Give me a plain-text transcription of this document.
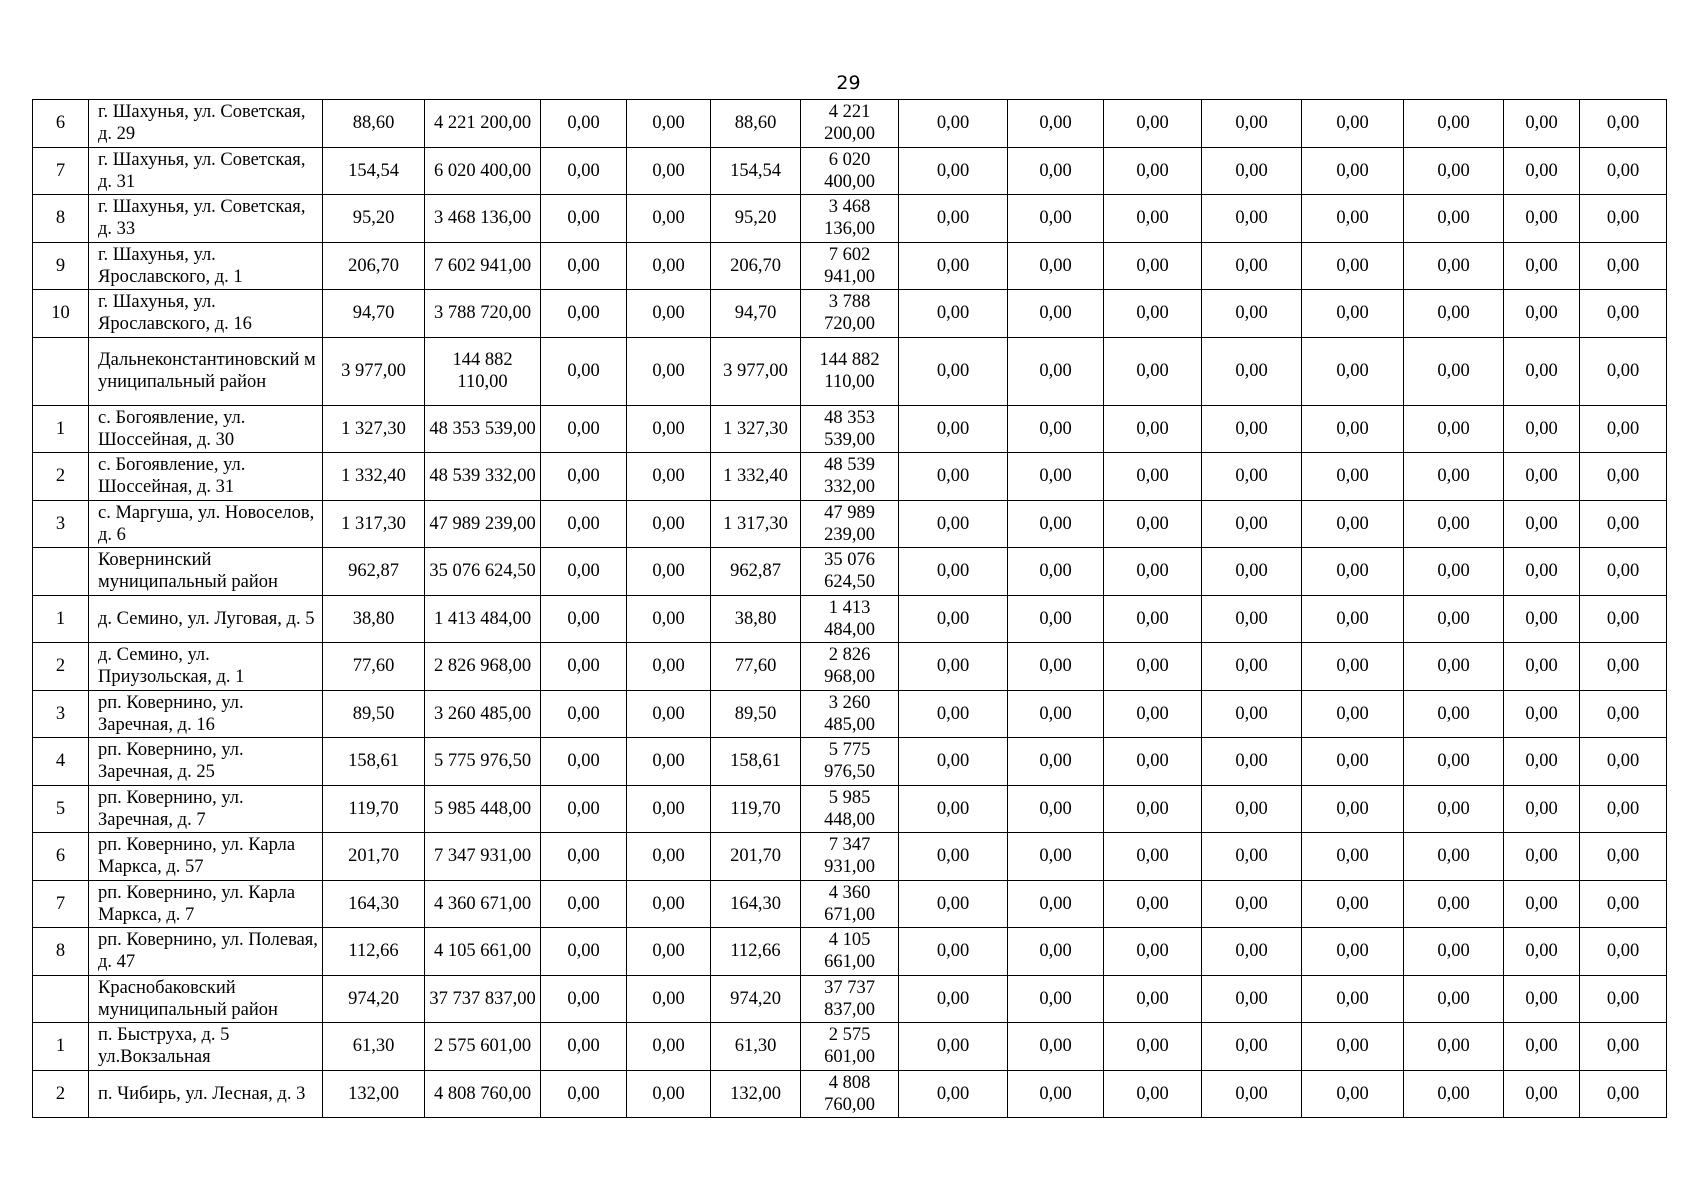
29
6	г. Шахунья, ул. Советская, д. 29	88,60	4 221 200,00	0,00	0,00	88,60	4 221 200,00	0,00	0,00	0,00	0,00	0,00	0,00	0,00	0,00
7	г. Шахунья, ул. Советская, д. 31	154,54	6 020 400,00	0,00	0,00	154,54	6 020 400,00	0,00	0,00	0,00	0,00	0,00	0,00	0,00	0,00
8	г. Шахунья, ул. Советская, д. 33	95,20	3 468 136,00	0,00	0,00	95,20	3 468 136,00	0,00	0,00	0,00	0,00	0,00	0,00	0,00	0,00
9	г. Шахунья, ул. Ярославского, д. 1	206,70	7 602 941,00	0,00	0,00	206,70	7 602 941,00	0,00	0,00	0,00	0,00	0,00	0,00	0,00	0,00
10	г. Шахунья, ул. Ярославского, д. 16	94,70	3 788 720,00	0,00	0,00	94,70	3 788 720,00	0,00	0,00	0,00	0,00	0,00	0,00	0,00	0,00
	Дальнеконстантиновский муниципальный район	3 977,00	144 882 110,00	0,00	0,00	3 977,00	144 882 110,00	0,00	0,00	0,00	0,00	0,00	0,00	0,00	0,00
1	с. Богоявление, ул. Шоссейная, д. 30	1 327,30	48 353 539,00	0,00	0,00	1 327,30	48 353 539,00	0,00	0,00	0,00	0,00	0,00	0,00	0,00	0,00
2	с. Богоявление, ул. Шоссейная, д. 31	1 332,40	48 539 332,00	0,00	0,00	1 332,40	48 539 332,00	0,00	0,00	0,00	0,00	0,00	0,00	0,00	0,00
3	с. Маргуша, ул. Новоселов, д. 6	1 317,30	47 989 239,00	0,00	0,00	1 317,30	47 989 239,00	0,00	0,00	0,00	0,00	0,00	0,00	0,00	0,00
	Ковернинский муниципальный район	962,87	35 076 624,50	0,00	0,00	962,87	35 076 624,50	0,00	0,00	0,00	0,00	0,00	0,00	0,00	0,00
1	д. Семино, ул. Луговая, д. 5	38,80	1 413 484,00	0,00	0,00	38,80	1 413 484,00	0,00	0,00	0,00	0,00	0,00	0,00	0,00	0,00
2	д. Семино, ул. Приузольская, д. 1	77,60	2 826 968,00	0,00	0,00	77,60	2 826 968,00	0,00	0,00	0,00	0,00	0,00	0,00	0,00	0,00
3	рп. Ковернино, ул. Заречная, д. 16	89,50	3 260 485,00	0,00	0,00	89,50	3 260 485,00	0,00	0,00	0,00	0,00	0,00	0,00	0,00	0,00
4	рп. Ковернино, ул. Заречная, д. 25	158,61	5 775 976,50	0,00	0,00	158,61	5 775 976,50	0,00	0,00	0,00	0,00	0,00	0,00	0,00	0,00
5	рп. Ковернино, ул. Заречная, д. 7	119,70	5 985 448,00	0,00	0,00	119,70	5 985 448,00	0,00	0,00	0,00	0,00	0,00	0,00	0,00	0,00
6	рп. Ковернино, ул. Карла Маркса, д. 57	201,70	7 347 931,00	0,00	0,00	201,70	7 347 931,00	0,00	0,00	0,00	0,00	0,00	0,00	0,00	0,00
7	рп. Ковернино, ул. Карла Маркса, д. 7	164,30	4 360 671,00	0,00	0,00	164,30	4 360 671,00	0,00	0,00	0,00	0,00	0,00	0,00	0,00	0,00
8	рп. Ковернино, ул. Полевая, д. 47	112,66	4 105 661,00	0,00	0,00	112,66	4 105 661,00	0,00	0,00	0,00	0,00	0,00	0,00	0,00	0,00
	Краснобаковский муниципальный район	974,20	37 737 837,00	0,00	0,00	974,20	37 737 837,00	0,00	0,00	0,00	0,00	0,00	0,00	0,00	0,00
1	п. Быструха, д. 5 ул.Вокзальная	61,30	2 575 601,00	0,00	0,00	61,30	2 575 601,00	0,00	0,00	0,00	0,00	0,00	0,00	0,00	0,00
2	п. Чибирь, ул. Лесная, д. 3	132,00	4 808 760,00	0,00	0,00	132,00	4 808 760,00	0,00	0,00	0,00	0,00	0,00	0,00	0,00	0,00
